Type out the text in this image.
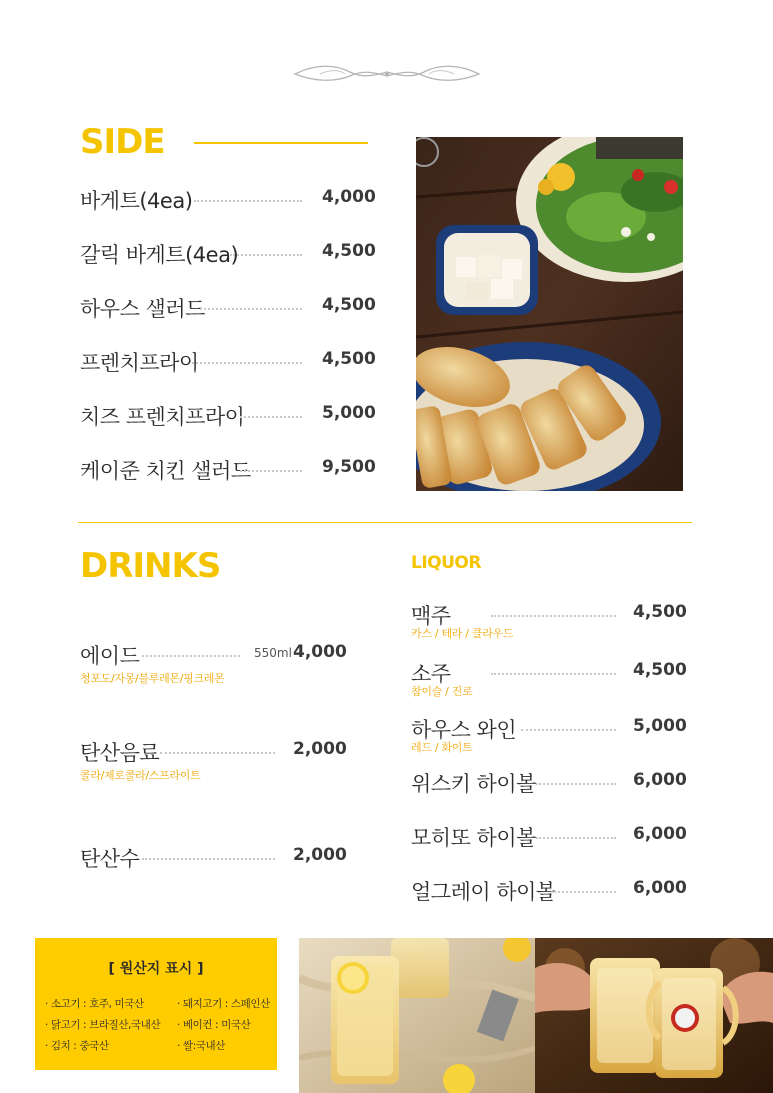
SIDE
바게트(4ea)	4,000
갈릭 바게트(4ea)	4,500
하우스 샐러드	4,500
프렌치프라이	4,500
치즈 프렌치프라이	5,000
케이준 치킨 샐러드	9,500
DRINKS
에이드	550ml 4,000
청포도/자몽/블루레몬/핑크레몬
탄산음료	2,000
콜라/제로콜라/스프라이트
탄산수	2,000
LIQUOR
맥주	4,500
카스 / 테라 / 클라우드
소주	4,500
참이슬 / 진로
하우스 와인	5,000
레드 / 화이트
위스키 하이볼	6,000
모히또 하이볼	6,000
얼그레이 하이볼	6,000
[ 원산지 표시 ]
· 소고기 : 호주, 미국산
· 닭고기 : 브라질산,국내산
· 김치 : 중국산
· 돼지고기 : 스페인산
· 베이컨 : 미국산
· 쌀:국내산
